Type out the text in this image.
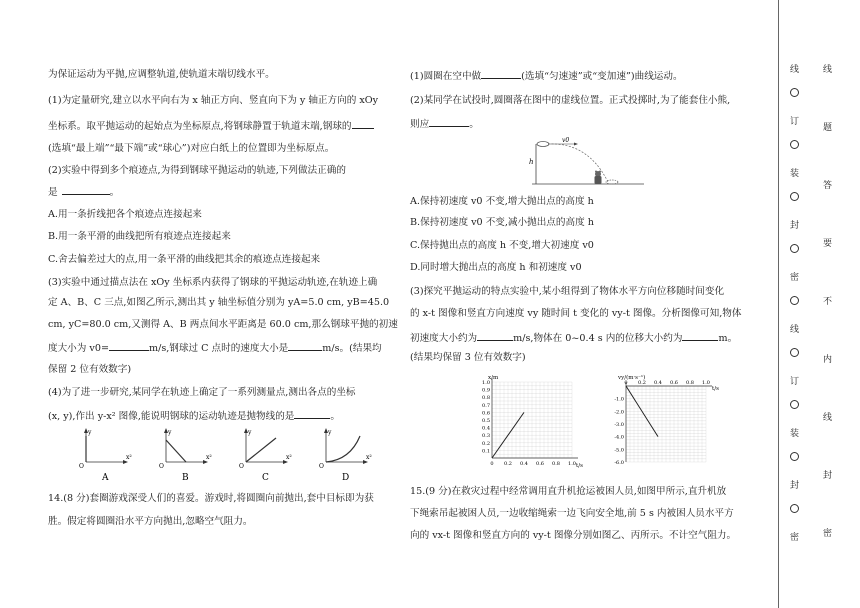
为保证运动为平抛,应调整轨道,使轨道末端切线水平。
(1)为定量研究,建立以水平向右为 x 轴正方向、竖直向下为 y 轴正方向的 xOy
坐标系。取平抛运动的起始点为坐标原点,将钢球静置于轨道末端,钢球的
(选填“最上端”“最下端”或“球心”)对应白纸上的位置即为坐标原点。
(2)实验中得到多个痕迹点,为得到钢球平抛运动的轨迹,下列做法正确的
是	。
A.用一条折线把各个痕迹点连接起来
B.用一条平滑的曲线把所有痕迹点连接起来
C.舍去偏差过大的点,用一条平滑的曲线把其余的痕迹点连接起来
(3)实验中通过描点法在 xOy 坐标系内获得了钢球的平抛运动轨迹,在轨迹上确
定 A、B、C 三点,如图乙所示,测出其 y 轴坐标值分别为 yA=5.0 cm, yB=45.0
cm, yC=80.0 cm,又测得 A、B 两点间水平距离是 60.0 cm,那么钢球平抛的初速
度大小为 v0=	m/s,钢球过 C 点时的速度大小是	m/s。(结果均
保留 2 位有效数字)
(4)为了进一步研究,某同学在轨迹上确定了一系列测量点,测出各点的坐标
(x, y),作出 y-x² 图像,能说明钢球的运动轨迹是抛物线的是	。
y
x²
O
A
y
x²
O
B
y
x²
O
C
y
x²
O
D
14.(8 分)套圈游戏深受人们的喜爱。游戏时,将圆圈向前抛出,套中目标即为获
胜。假定将圆圈沿水平方向抛出,忽略空气阻力。
(1)圆圈在空中做	(选填“匀速速”或“变加速”)曲线运动。
(2)某同学在试投时,圆圈落在图中的虚线位置。正式投掷时,为了能套住小熊,
则应	。
h
v0
A.保持初速度 v0 不变,增大抛出点的高度 h
B.保持初速度 v0 不变,减小抛出点的高度 h
C.保持抛出点的高度 h 不变,增大初速度 v0
D.同时增大抛出点的高度 h 和初速度 v0
(3)探究平抛运动的特点实验中,某小组得到了物体水平方向位移随时间变化
的 x-t 图像和竖直方向速度 vy 随时间 t 变化的 vy-t 图像。分析图像可知,物体
初速度大小约为	m/s,物体在 0~0.4 s 内的位移大小约为	m。
(结果均保留 3 位有效数字)
x/m
t/s
0.1
0.2
0.3
0.4
0.5
0.6
0.7
0.8
0.9
1.0
0 0.2 0.4 0.6 0.8 1.0
vy/(m·s⁻¹)
t/s
-1.0
-2.0
-3.0
-4.0
-5.0
-6.0
0 0.2 0.4 0.6 0.8 1.0
15.(9 分)在救灾过程中经常调用直升机抢运被困人员,如图甲所示,直升机放
下绳索吊起被困人员,一边收缩绳索一边飞向安全地,前 5 s 内被困人员水平方
向的 vx-t 图像和竖直方向的 vy-t 图像分别如图乙、丙所示。不计空气阻力。
线
订
装
封
密
线
订
装
封
密
线
题
答
要
不
内
线
封
密
